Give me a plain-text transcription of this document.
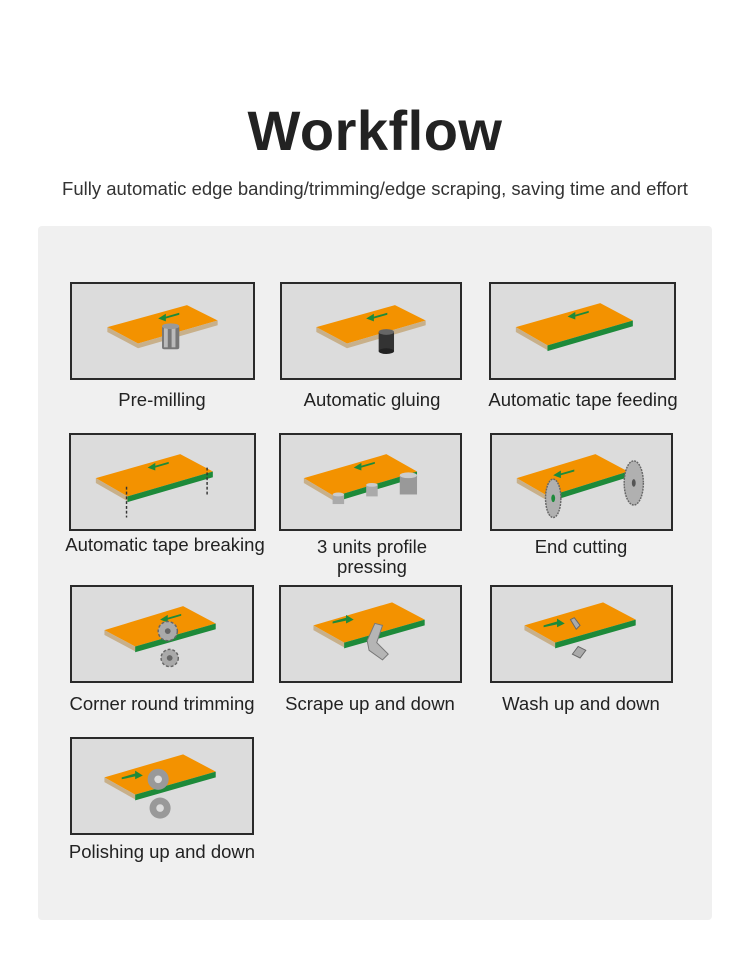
Workflow
Fully automatic edge banding/trimming/edge scraping, saving time and effort
Pre-milling	Automatic gluing	Automatic tape feeding
Automatic tape breaking	3 units profile pressing
End cutting
Corner round trimming	Scrape up and down	Wash up and down
Polishing up and down
